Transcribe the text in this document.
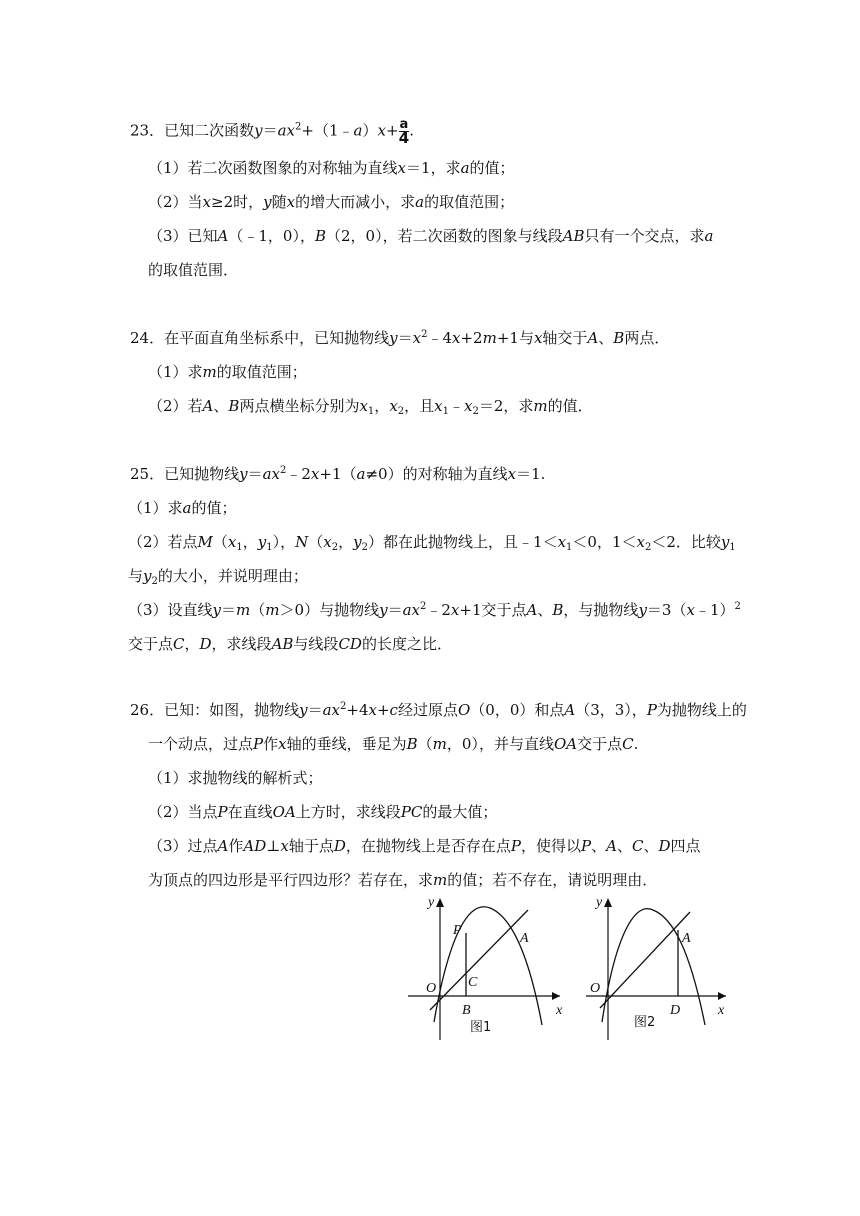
23．已知二次函数$y=ax^2+(1﹣a)x+ \frac{a}{4}$ .
（1）若二次函数图象的对称轴为直线x＝1，求a的值；
（2）当x≥2时，y随x的增大而减小，求a的取值范围；
（3）已知A（﹣1，0），B（2，0），若二次函数的图象与线段AB只有一个交点，求a
的取值范围．
24．在平面直角坐标系中，已知抛物线$y=x^2﹣4x+2m+1$与x轴交于A、B两点．
（1）求m的取值范围；
（2）若A、B两点横坐标分别为$x_1$，$x_2$，且$x_1﹣x_2=2$，求m的值．
25．已知抛物线$y=ax^2﹣2x+1(a\ne 0)$的对称轴为直线x＝1.
（1）求a的值；
（2）若点$M(x_1$，$y_1$），$N(x_2$，$y_2$）都在此抛物线上，且$﹣1<x_1<0$，$1<x_2<2$．比较$y_1$
与$y_2$的大小，并说明理由；
（3）设直线y＝m（m＞0）与抛物线$y=ax^2﹣2x+1$交于点A、B，与抛物线y＝3（x﹣1）$^2$
交于点C，D，求线段AB与线段CD的长度之比．
26．已知：如图，抛物线$y=ax^2+4x+c$经过原点O（0，0）和点A（3，3），P为抛物线上的
一个动点，过点P作x轴的垂线，垂足为B（m，0），并与直线OA交于点C.
（1）求抛物线的解析式；
（2）当点P在直线OA上方时，求线段PC的最大值；
（3）过点A作AD⊥x轴于点D，在抛物线上是否存在点P，使得以P、A、C、D四点
为顶点的四边形是平行四边形？若存在，求m的值；若不存在，请说明理由．
y
P
A
C
O
B	x
图1
y
A
O
D	x
图2
